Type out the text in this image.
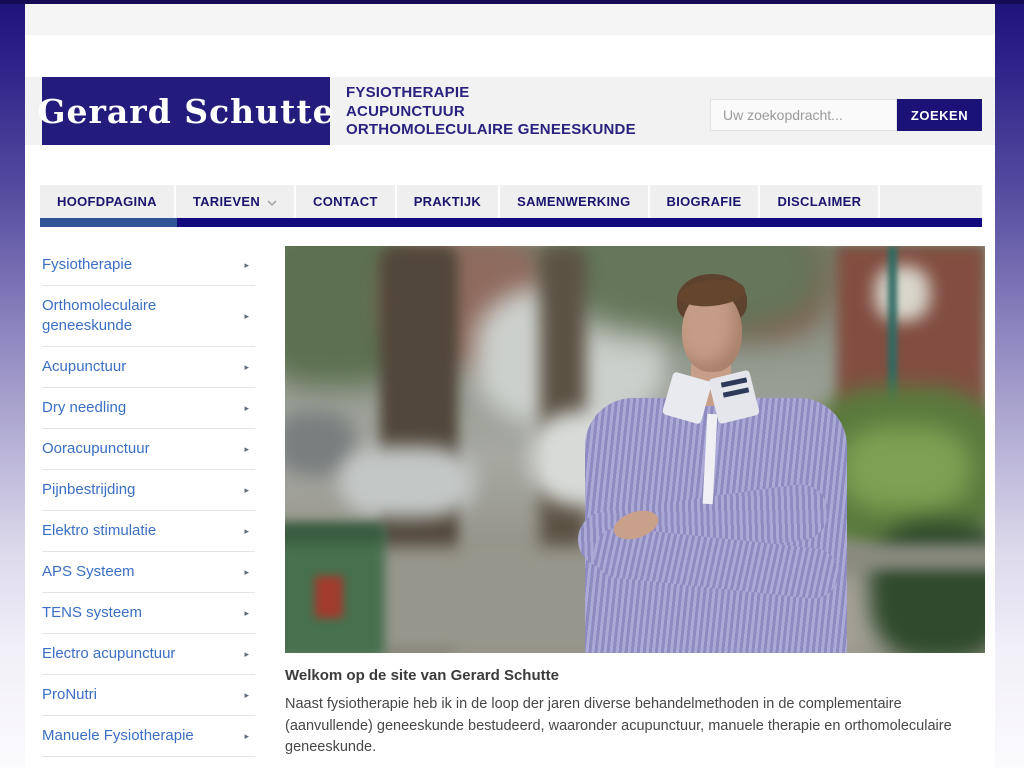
Gerard Schutte FYSIOTHERAPIE
ACUPUNCTUUR
ORTHOMOLECULAIRE GENEESKUNDE
Uw zoekopdracht...
ZOEKEN
HOOFDPAGINA	TARIEVEN	CONTACT	PRAKTIJK	SAMENWERKING	BIOGRAFIE	DISCLAIMER
Fysiotherapie	▸
Orthomoleculaire geneeskunde
▸
Acupunctuur	▸
Dry needling	▸
Ooracupunctuur	▸
Pijnbestrijding	▸
Elektro stimulatie	▸
APS Systeem	▸
TENS systeem	▸
Electro acupunctuur	▸
ProNutri	▸
Manuele Fysiotherapie	▸
Welkom op de site van Gerard Schutte
Naast fysiotherapie heb ik in de loop der jaren diverse behandelmethoden in de complementaire (aanvullende) geneeskunde bestudeerd, waaronder acupunctuur, manuele therapie en orthomoleculaire geneeskunde.
